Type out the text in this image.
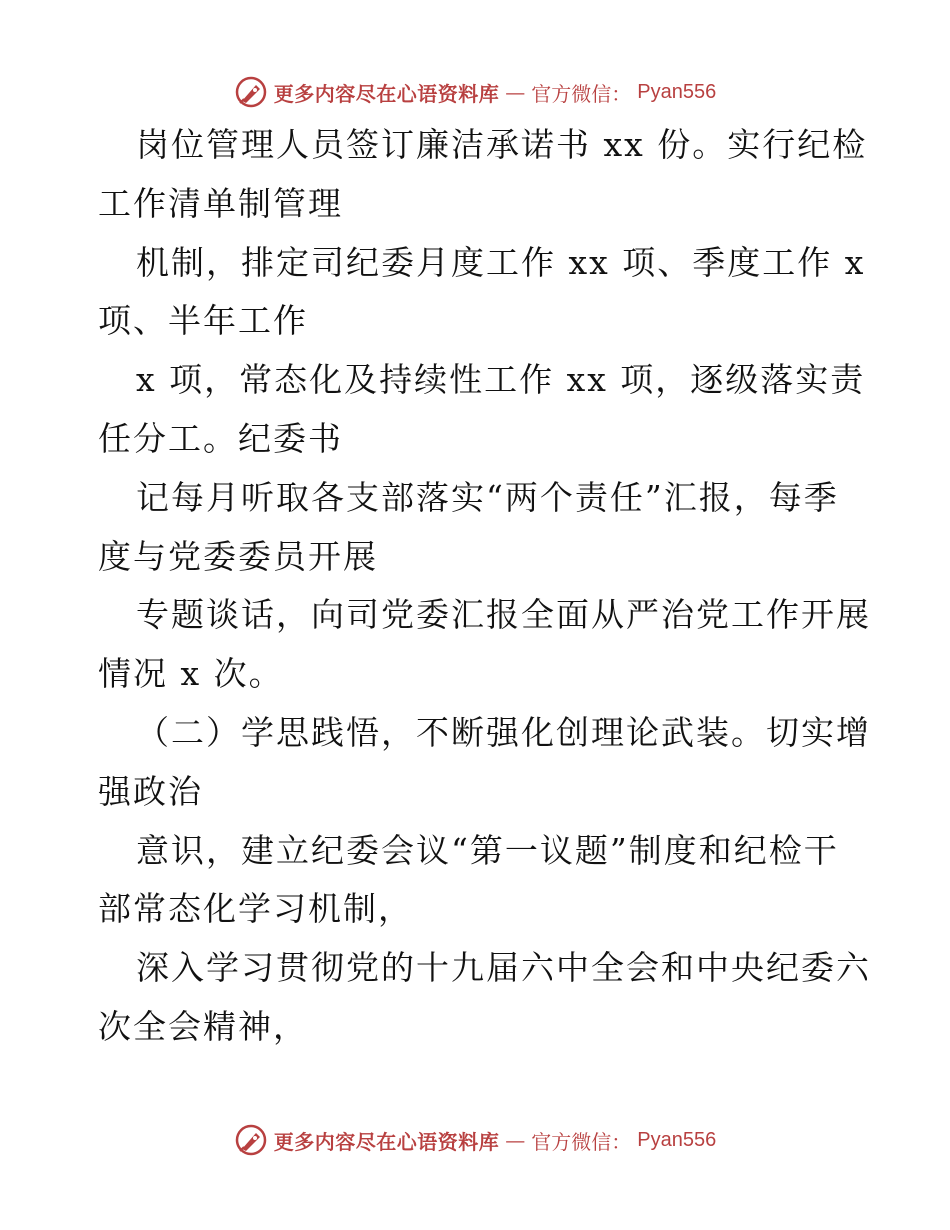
更多内容尽在心语资料库 — 官方微信： Pyan556
岗位管理人员签订廉洁承诺书 xx 份。实行纪检
工作清单制管理
机制，排定司纪委月度工作 xx 项、季度工作 x
项、半年工作
x 项，常态化及持续性工作 xx 项，逐级落实责
任分工。纪委书
记每月听取各支部落实“两个责任”汇报，每季
度与党委委员开展
专题谈话，向司党委汇报全面从严治党工作开展
情况 x 次。
（二）学思践悟，不断强化创理论武装。切实增
强政治
意识，建立纪委会议“第一议题”制度和纪检干
部常态化学习机制，
深入学习贯彻党的十九届六中全会和中央纪委六
次全会精神，
更多内容尽在心语资料库 — 官方微信： Pyan556
